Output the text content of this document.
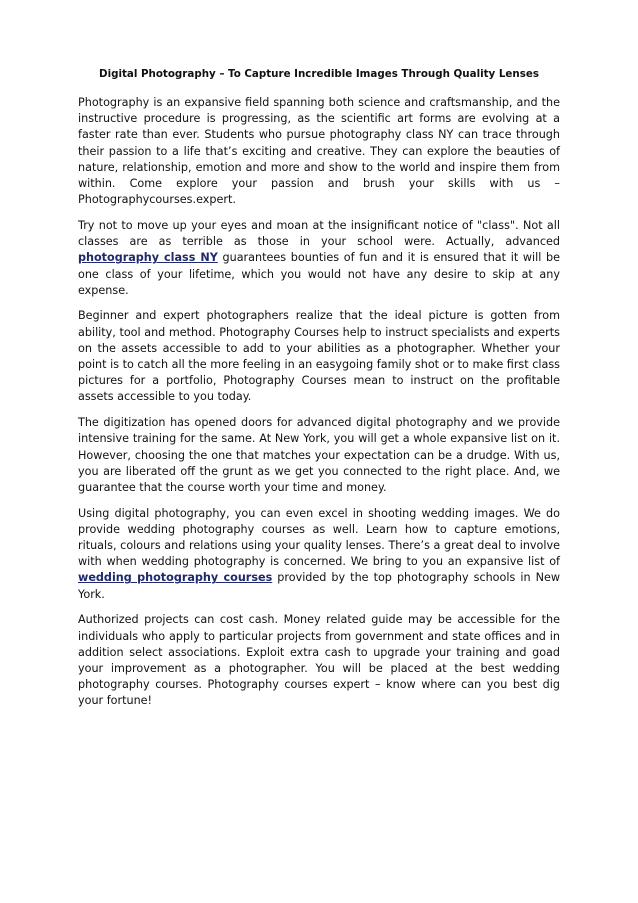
Digital Photography – To Capture Incredible Images Through Quality Lenses

Photography is an expansive field spanning both science and craftsmanship, and the instructive procedure is progressing, as the scientific art forms are evolving at a faster rate than ever. Students who pursue photography class NY can trace through their passion to a life that’s exciting and creative. They can explore the beauties of nature, relationship, emotion and more and show to the world and inspire them from within. Come explore your passion and brush your skills with us – Photographycourses.expert.

Try not to move up your eyes and moan at the insignificant notice of "class". Not all classes are as terrible as those in your school were. Actually, advanced photography class NY guarantees bounties of fun and it is ensured that it will be one class of your lifetime, which you would not have any desire to skip at any expense.

Beginner and expert photographers realize that the ideal picture is gotten from ability, tool and method. Photography Courses help to instruct specialists and experts on the assets accessible to add to your abilities as a photographer. Whether your point is to catch all the more feeling in an easygoing family shot or to make first class pictures for a portfolio, Photography Courses mean to instruct on the profitable assets accessible to you today.

The digitization has opened doors for advanced digital photography and we provide intensive training for the same. At New York, you will get a whole expansive list on it. However, choosing the one that matches your expectation can be a drudge. With us, you are liberated off the grunt as we get you connected to the right place. And, we guarantee that the course worth your time and money.

Using digital photography, you can even excel in shooting wedding images. We do provide wedding photography courses as well. Learn how to capture emotions, rituals, colours and relations using your quality lenses. There’s a great deal to involve with when wedding photography is concerned. We bring to you an expansive list of wedding photography courses provided by the top photography schools in New York.

Authorized projects can cost cash. Money related guide may be accessible for the individuals who apply to particular projects from government and state offices and in addition select associations. Exploit extra cash to upgrade your training and goad your improvement as a photographer. You will be placed at the best wedding photography courses. Photography courses expert – know where can you best dig your fortune!
